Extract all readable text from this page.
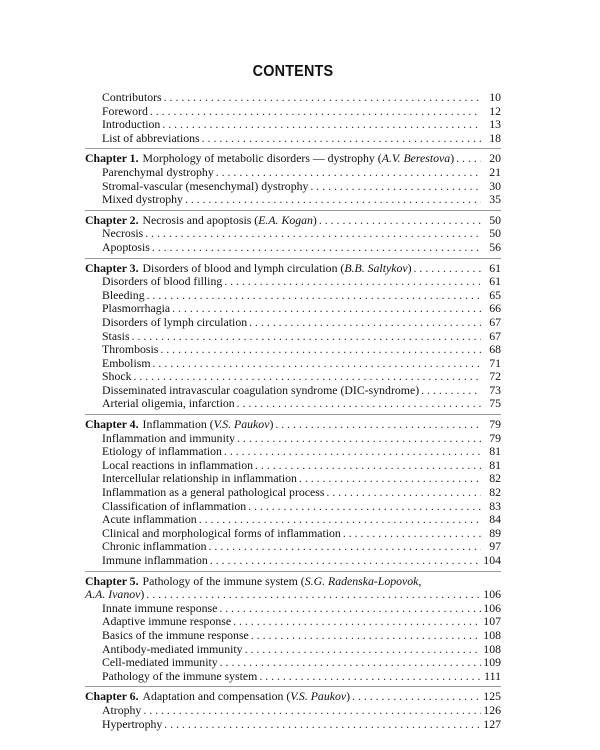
CONTENTS
Contributors . . .	10
Foreword . . .	12
Introduction . . .	13
List of abbreviations . . .	18
Chapter 1. Morphology of metabolic disorders — dystrophy (A.V. Berestova) . . .	20
Parenchymal dystrophy . . .	21
Stromal-vascular (mesenchymal) dystrophy . . .	30
Mixed dystrophy . . .	35
Chapter 2. Necrosis and apoptosis (E.A. Kogan) . . .	50
Necrosis . . .	50
Apoptosis . . .	56
Chapter 3. Disorders of blood and lymph circulation (B.B. Saltykov) . . .	61
Disorders of blood filling . . .	61
Bleeding . . .	65
Plasmorrhagia . . .	66
Disorders of lymph circulation . . .	67
Stasis . . .	67
Thrombosis . . .	68
Embolism . . .	71
Shock . . .	72
Disseminated intravascular coagulation syndrome (DIC-syndrome) . . .	73
Arterial oligemia, infarction . . .	75
Chapter 4. Inflammation (V.S. Paukov) . . .	79
Inflammation and immunity . . .	79
Etiology of inflammation . . .	81
Local reactions in inflammation . . .	81
Intercellular relationship in inflammation . . .	82
Inflammation as a general pathological process . . .	82
Classification of inflammation . . .	83
Acute inflammation . . .	84
Clinical and morphological forms of inflammation . . .	89
Chronic inflammation . . .	97
Immune inflammation . . .	104
Chapter 5. Pathology of the immune system (S.G. Radenska-Lopovok,
A.A. Ivanov) . . .	106
Innate immune response . . .	106
Adaptive immune response . . .	107
Basics of the immune response . . .	108
Antibody-mediated immunity . . .	108
Cell-mediated immunity . . .	109
Pathology of the immune system . . .	111
Chapter 6. Adaptation and compensation (V.S. Paukov) . . .	125
Atrophy . . .	126
Hypertrophy . . .	127
